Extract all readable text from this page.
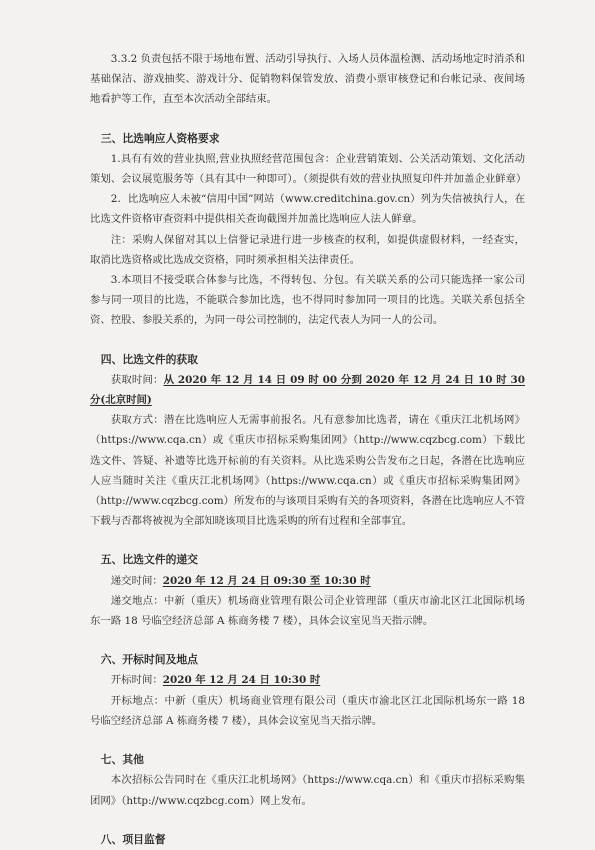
3.3.2 负责包括不限于场地布置、活动引导执行、入场人员体温检测、活动场地定时消杀和基础保洁、游戏抽奖、游戏计分、促销物料保管发放、消费小票审核登记和台帐记录、夜间场地看护等工作，直至本次活动全部结束。

三、比选响应人资格要求

1.具有有效的营业执照,营业执照经营范围包含：企业营销策划、公关活动策划、文化活动策划、会议展览服务等（具有其中一种即可）。（须提供有效的营业执照复印件并加盖企业鲜章）

2．比选响应人未被“信用中国”网站（www.creditchina.gov.cn）列为失信被执行人，在比选文件资格审查资料中提供相关查询截图并加盖比选响应人法人鲜章。

注：采购人保留对其以上信誉记录进行进一步核查的权利，如提供虚假材料，一经查实，取消比选资格或比选成交资格，同时须承担相关法律责任。

3.本项目不接受联合体参与比选，不得转包、分包。有关联关系的公司只能选择一家公司参与同一项目的比选，不能联合参加比选，也不得同时参加同一项目的比选。关联关系包括全资、控股、参股关系的，为同一母公司控制的，法定代表人为同一人的公司。

四、比选文件的获取

获取时间：从 2020 年 12 月 14 日 09 时 00 分到 2020 年 12 月 24 日 10 时 30 分(北京时间)

获取方式：潜在比选响应人无需事前报名。凡有意参加比选者，请在《重庆江北机场网》（https://www.cqa.cn）或《重庆市招标采购集团网》（http://www.cqzbcg.com）下载比选文件、答疑、补遗等比选开标前的有关资料。从比选采购公告发布之日起，各潜在比选响应人应当随时关注《重庆江北机场网》（https://www.cqa.cn）或《重庆市招标采购集团网》（http://www.cqzbcg.com）所发布的与该项目采购有关的各项资料，各潜在比选响应人不管下载与否都将被视为全部知晓该项目比选采购的所有过程和全部事宜。

五、比选文件的递交

递交时间：2020 年 12 月 24 日 09:30 至 10:30 时

递交地点：中新（重庆）机场商业管理有限公司企业管理部（重庆市渝北区江北国际机场东一路 18 号临空经济总部 A 栋商务楼 7 楼），具体会议室见当天指示牌。

六、开标时间及地点

开标时间：2020 年 12 月 24 日 10:30 时

开标地点：中新（重庆）机场商业管理有限公司（重庆市渝北区江北国际机场东一路 18 号临空经济总部 A 栋商务楼 7 楼），具体会议室见当天指示牌。

七、其他

本次招标公告同时在《重庆江北机场网》（https://www.cqa.cn）和《重庆市招标采购集团网》（http://www.cqzbcg.com）网上发布。

八、项目监督
